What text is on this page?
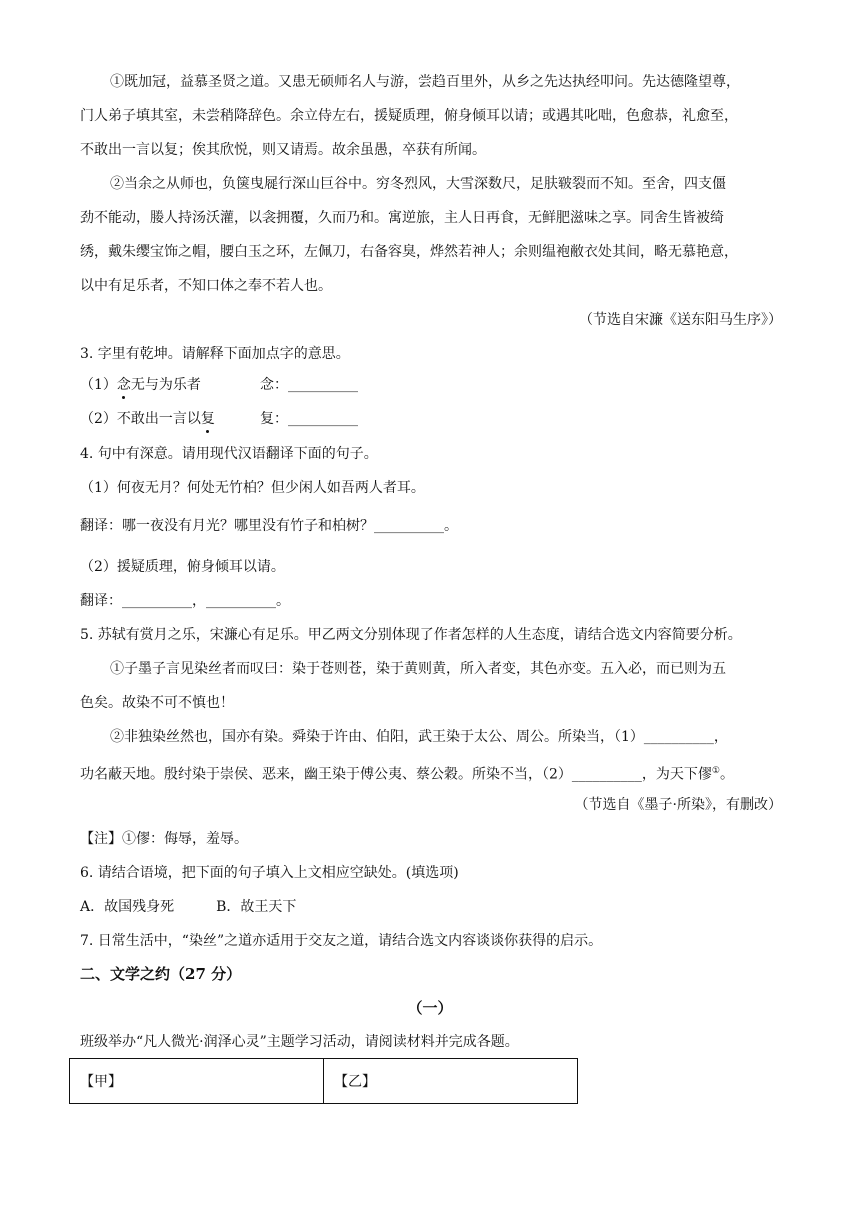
①既加冠，益慕圣贤之道。又患无硕师名人与游，尝趋百里外，从乡之先达执经叩问。先达德隆望尊，
门人弟子填其室，未尝稍降辞色。余立侍左右，援疑质理，俯身倾耳以请；或遇其叱咄，色愈恭，礼愈至，
不敢出一言以复；俟其欣悦，则又请焉。故余虽愚，卒获有所闻。
②当余之从师也，负箧曳屣行深山巨谷中。穷冬烈风，大雪深数尺，足肤皲裂而不知。至舍，四支僵
劲不能动，媵人持汤沃灌，以衾拥覆，久而乃和。寓逆旅，主人日再食，无鲜肥滋味之享。同舍生皆被绮
绣，戴朱缨宝饰之帽，腰白玉之环，左佩刀，右备容臭，烨然若神人；余则缊袍敝衣处其间，略无慕艳意，
以中有足乐者，不知口体之奉不若人也。
（节选自宋濂《送东阳马生序》）
3. 字里有乾坤。请解释下面加点字的意思。
（1）念无与为乐者	念：__________
（2）不敢出一言以复	复：__________
4. 句中有深意。请用现代汉语翻译下面的句子。
（1）何夜无月？何处无竹柏？但少闲人如吾两人者耳。
翻译：哪一夜没有月光？哪里没有竹子和柏树？__________。
（2）援疑质理，俯身倾耳以请。
翻译：__________，__________。
5. 苏轼有赏月之乐，宋濂心有足乐。甲乙两文分别体现了作者怎样的人生态度，请结合选文内容简要分析。
①子墨子言见染丝者而叹曰：染于苍则苍，染于黄则黄，所入者变，其色亦变。五入必，而已则为五
色矣。故染不可不慎也！
②非独染丝然也，国亦有染。舜染于许由、伯阳，武王染于太公、周公。所染当，（1）__________，
功名蔽天地。殷纣染于崇侯、恶来，幽王染于傅公夷、蔡公穀。所染不当，（2）__________，为天下僇①。
（节选自《墨子·所染》，有删改）
【注】①僇：侮辱，羞辱。
6. 请结合语境，把下面的句子填入上文相应空缺处。(填选项)
A．故国残身死　　　B．故王天下
7. 日常生活中，“染丝”之道亦适用于交友之道，请结合选文内容谈谈你获得的启示。
二、文学之约（27 分）
（一）
班级举办“凡人微光·润泽心灵”主题学习活动，请阅读材料并完成各题。
【甲】	【乙】
